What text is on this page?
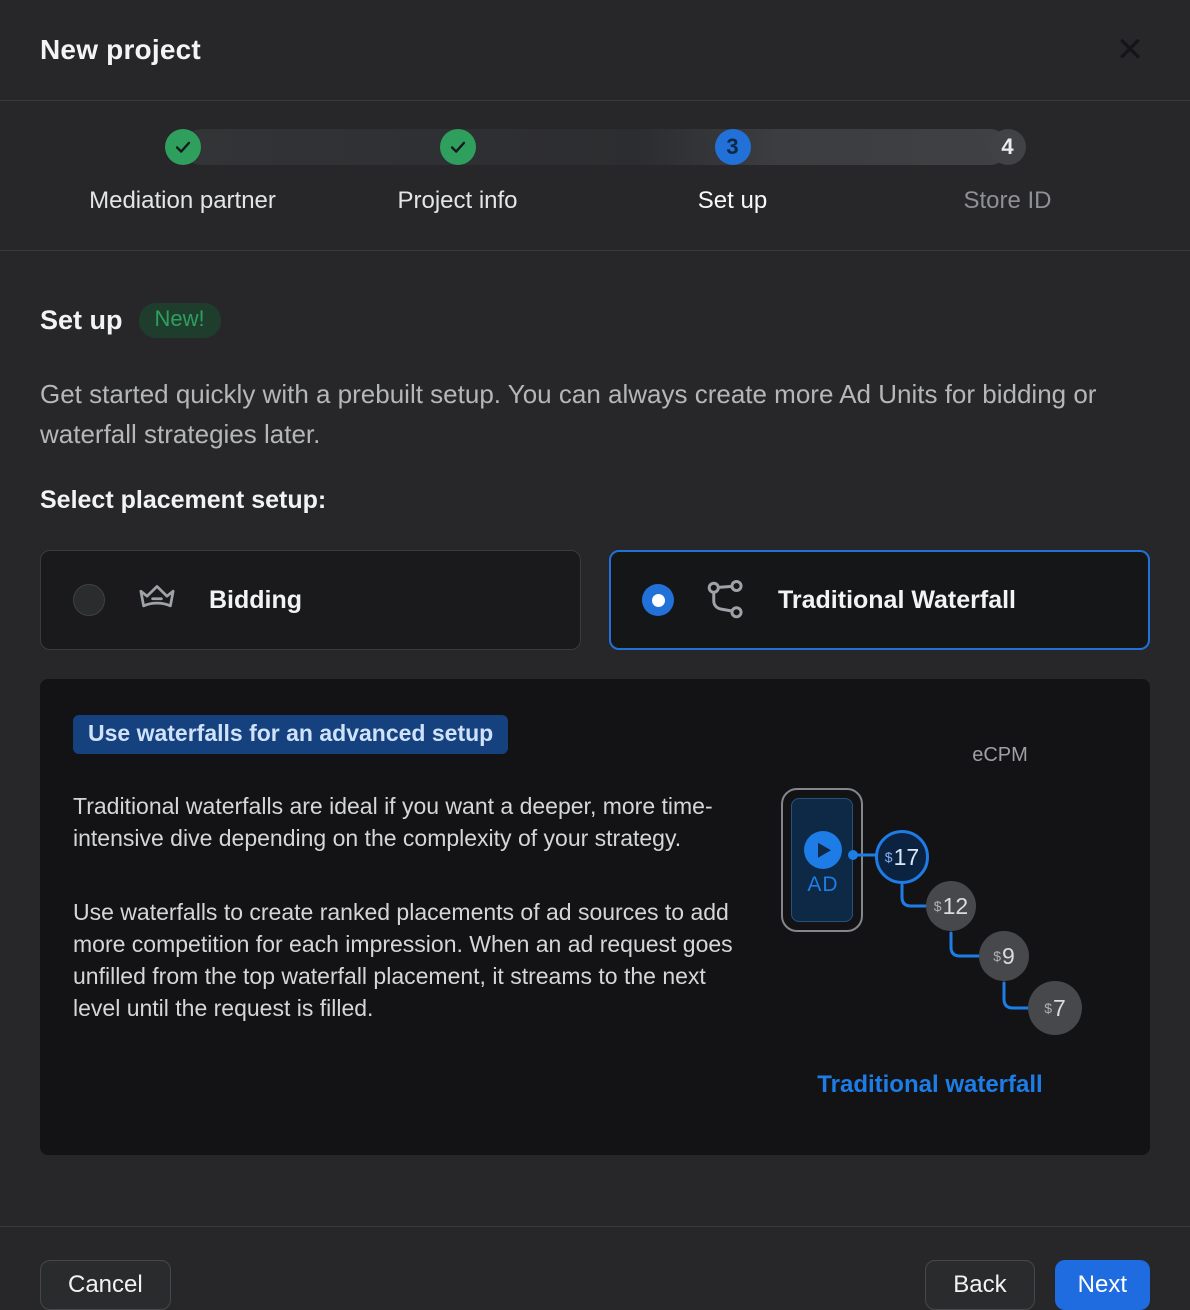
New project	✕
3	4
Mediation partner	Project info	Set up	Store ID
Set up	New!
Get started quickly with a prebuilt setup. You can always create more Ad Units for bidding or waterfall strategies later.
Select placement setup:
Bidding	Traditional Waterfall
Use waterfalls for an advanced setup
Traditional waterfalls are ideal if you want a deeper, more time-intensive dive depending on the complexity of your strategy.
Use waterfalls to create ranked placements of ad sources to add more competition for each impression. When an ad request goes unfilled from the top waterfall placement, it streams to the next level until the request is filled.
eCPM
AD
$ 17
$ 12
$ 9
$ 7
Traditional waterfall
Cancel	Back	Next
